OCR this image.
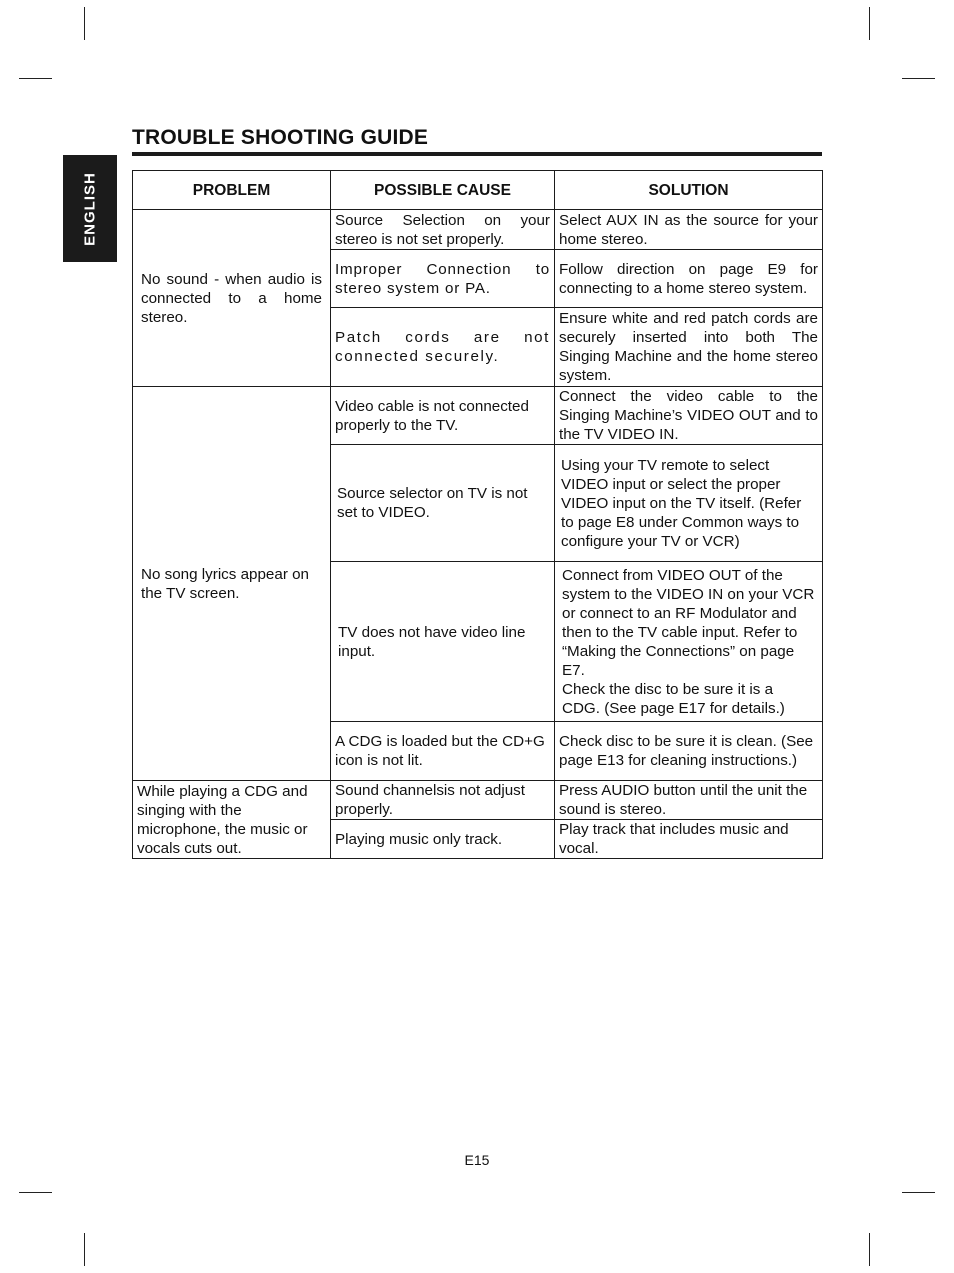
ENGLISH
TROUBLE SHOOTING GUIDE
PROBLEM	POSSIBLE CAUSE	SOLUTION
No sound - when audio is connected to a home stereo.	Source Selection on your stereo is not set properly.	Select AUX IN as the source for your home stereo.
	Improper Connection to stereo system or PA.	Follow direction on page E9 for connecting to a home stereo system.
	Patch cords are not connected securely.	Ensure white and red patch cords are securely inserted into both The Singing Machine and the home stereo system.
No song lyrics appear on the TV screen.	Video cable is not connected properly to the TV.	Connect the video cable to the Singing Machine’s VIDEO OUT and to the TV VIDEO IN.
	Source selector on TV is not set to VIDEO.	Using your TV remote to select VIDEO input or select the proper VIDEO input on the TV itself. (Refer to page E8 under Common ways to configure your TV or VCR)
	TV does not have video line input.	Connect from VIDEO OUT of the system to the VIDEO IN on your VCR or connect to an RF Modulator and then to the TV cable input. Refer to “Making the Connections” on page E7.
Check the disc to be sure it is a CDG. (See page E17 for details.)
	A CDG is loaded but the CD+G icon is not lit.	Check disc to be sure it is clean. (See page E13 for cleaning instructions.)
While playing a CDG and singing with the microphone, the music or vocals cuts out.	Sound channelsis not adjust properly.	Press AUDIO button until the unit the sound is stereo.
	Playing music only track.	Play track that includes music and vocal.
E15
